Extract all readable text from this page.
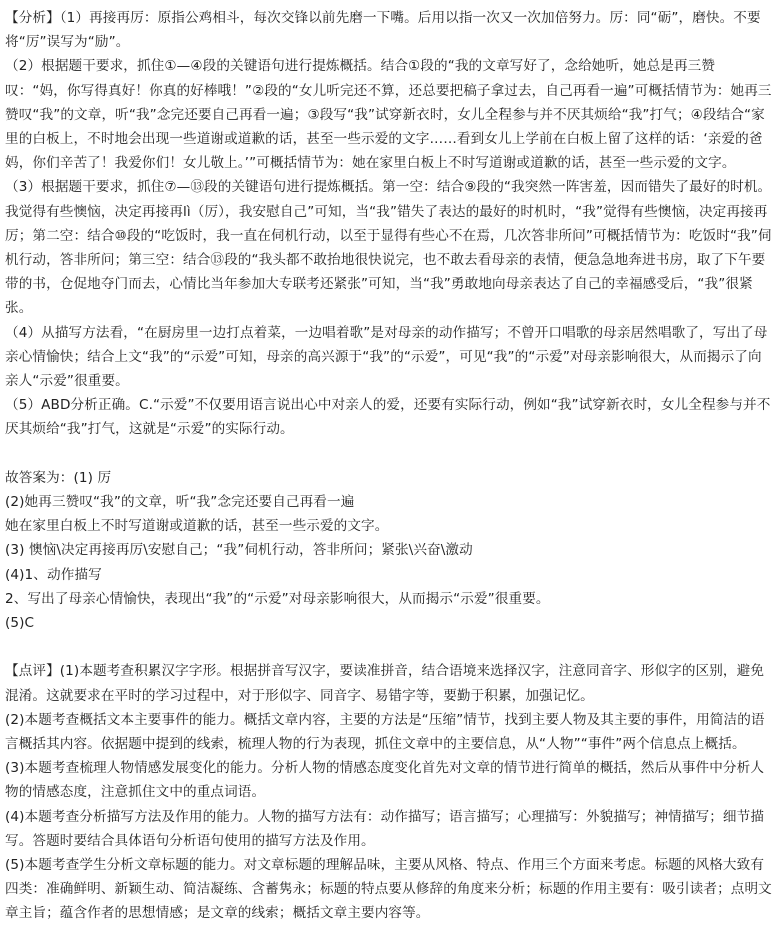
【分析】（1）再接再厉：原指公鸡相斗，每次交锋以前先磨一下嘴。后用以指一次又一次加倍努力。厉：同“砺”，磨快。不要将“厉”误写为“励”。

（2）根据题干要求，抓住①—④段的关键语句进行提炼概括。结合①段的“我的文章写好了，念给她听，她总是再三赞叹：“妈，你写得真好！你真的好棒哦！”②段的“女儿听完还不算，还总要把稿子拿过去，自己再看一遍”可概括情节为：她再三赞叹“我”的文章，听“我”念完还要自己再看一遍；③段写“我”试穿新衣时，女儿全程参与并不厌其烦给“我”打气；④段结合“家里的白板上，不时地会出现一些道谢或道歉的话，甚至一些示爱的文字……看到女儿上学前在白板上留了这样的话：‘亲爱的爸妈，你们辛苦了！我爱你们！女儿敬上。’”可概括情节为：她在家里白板上不时写道谢或道歉的话，甚至一些示爱的文字。

（3）根据题干要求，抓住⑦—⑬段的关键语句进行提炼概括。第一空：结合⑨段的“我突然一阵害羞，因而错失了最好的时机。我觉得有些懊恼，决定再接再lì（厉），我安慰自己”可知，当“我”错失了表达的最好的时机时，“我”觉得有些懊恼，决定再接再厉；第二空：结合⑩段的“吃饭时，我一直在伺机行动，以至于显得有些心不在焉，几次答非所问”可概括情节为：吃饭时“我”伺机行动，答非所问；第三空：结合⑬段的“我头都不敢抬地很快说完，也不敢去看母亲的表情，便急急地奔进书房，取了下午要带的书，仓促地夺门而去，心情比当年参加大专联考还紧张”可知，当“我”勇敢地向母亲表达了自己的幸福感受后，“我”很紧张。

（4）从描写方法看，“在厨房里一边打点着菜，一边唱着歌”是对母亲的动作描写；不曾开口唱歌的母亲居然唱歌了，写出了母亲心情愉快；结合上文“我”的“示爱”可知，母亲的高兴源于“我”的“示爱”，可见“我”的“示爱”对母亲影响很大，从而揭示了向亲人“示爱”很重要。

（5）ABD分析正确。C.“示爱”不仅要用语言说出心中对亲人的爱，还要有实际行动，例如“我”试穿新衣时，女儿全程参与并不厌其烦给“我”打气，这就是“示爱”的实际行动。

故答案为：(1) 厉

(2)她再三赞叹“我”的文章，听“我”念完还要自己再看一遍

她在家里白板上不时写道谢或道歉的话，甚至一些示爱的文字。

(3) 懊恼\决定再接再厉\安慰自己；“我”伺机行动，答非所问；紧张\兴奋\激动

(4)1、动作描写

2、写出了母亲心情愉快，表现出“我”的“示爱”对母亲影响很大，从而揭示“示爱”很重要。

(5)C

【点评】(1)本题考查积累汉字字形。根据拼音写汉字，要读准拼音，结合语境来选择汉字，注意同音字、形似字的区别，避免混淆。这就要求在平时的学习过程中，对于形似字、同音字、易错字等，要勤于积累，加强记忆。

(2)本题考查概括文本主要事件的能力。概括文章内容，主要的方法是“压缩”情节，找到主要人物及其主要的事件，用简洁的语言概括其内容。依据题中提到的线索，梳理人物的行为表现，抓住文章中的主要信息，从“人物”“事件”两个信息点上概括。

(3)本题考查梳理人物情感发展变化的能力。分析人物的情感态度变化首先对文章的情节进行简单的概括，然后从事件中分析人物的情感态度，注意抓住文中的重点词语。

(4)本题考查分析描写方法及作用的能力。人物的描写方法有：动作描写；语言描写；心理描写：外貌描写；神情描写；细节描写。答题时要结合具体语句分析语句使用的描写方法及作用。

(5)本题考查学生分析文章标题的能力。对文章标题的理解品味，主要从风格、特点、作用三个方面来考虑。标题的风格大致有四类：准确鲜明、新颖生动、简洁凝练、含蓄隽永；标题的特点要从修辞的角度来分析；标题的作用主要有：吸引读者；点明文章主旨；蕴含作者的思想情感；是文章的线索；概括文章主要内容等。
